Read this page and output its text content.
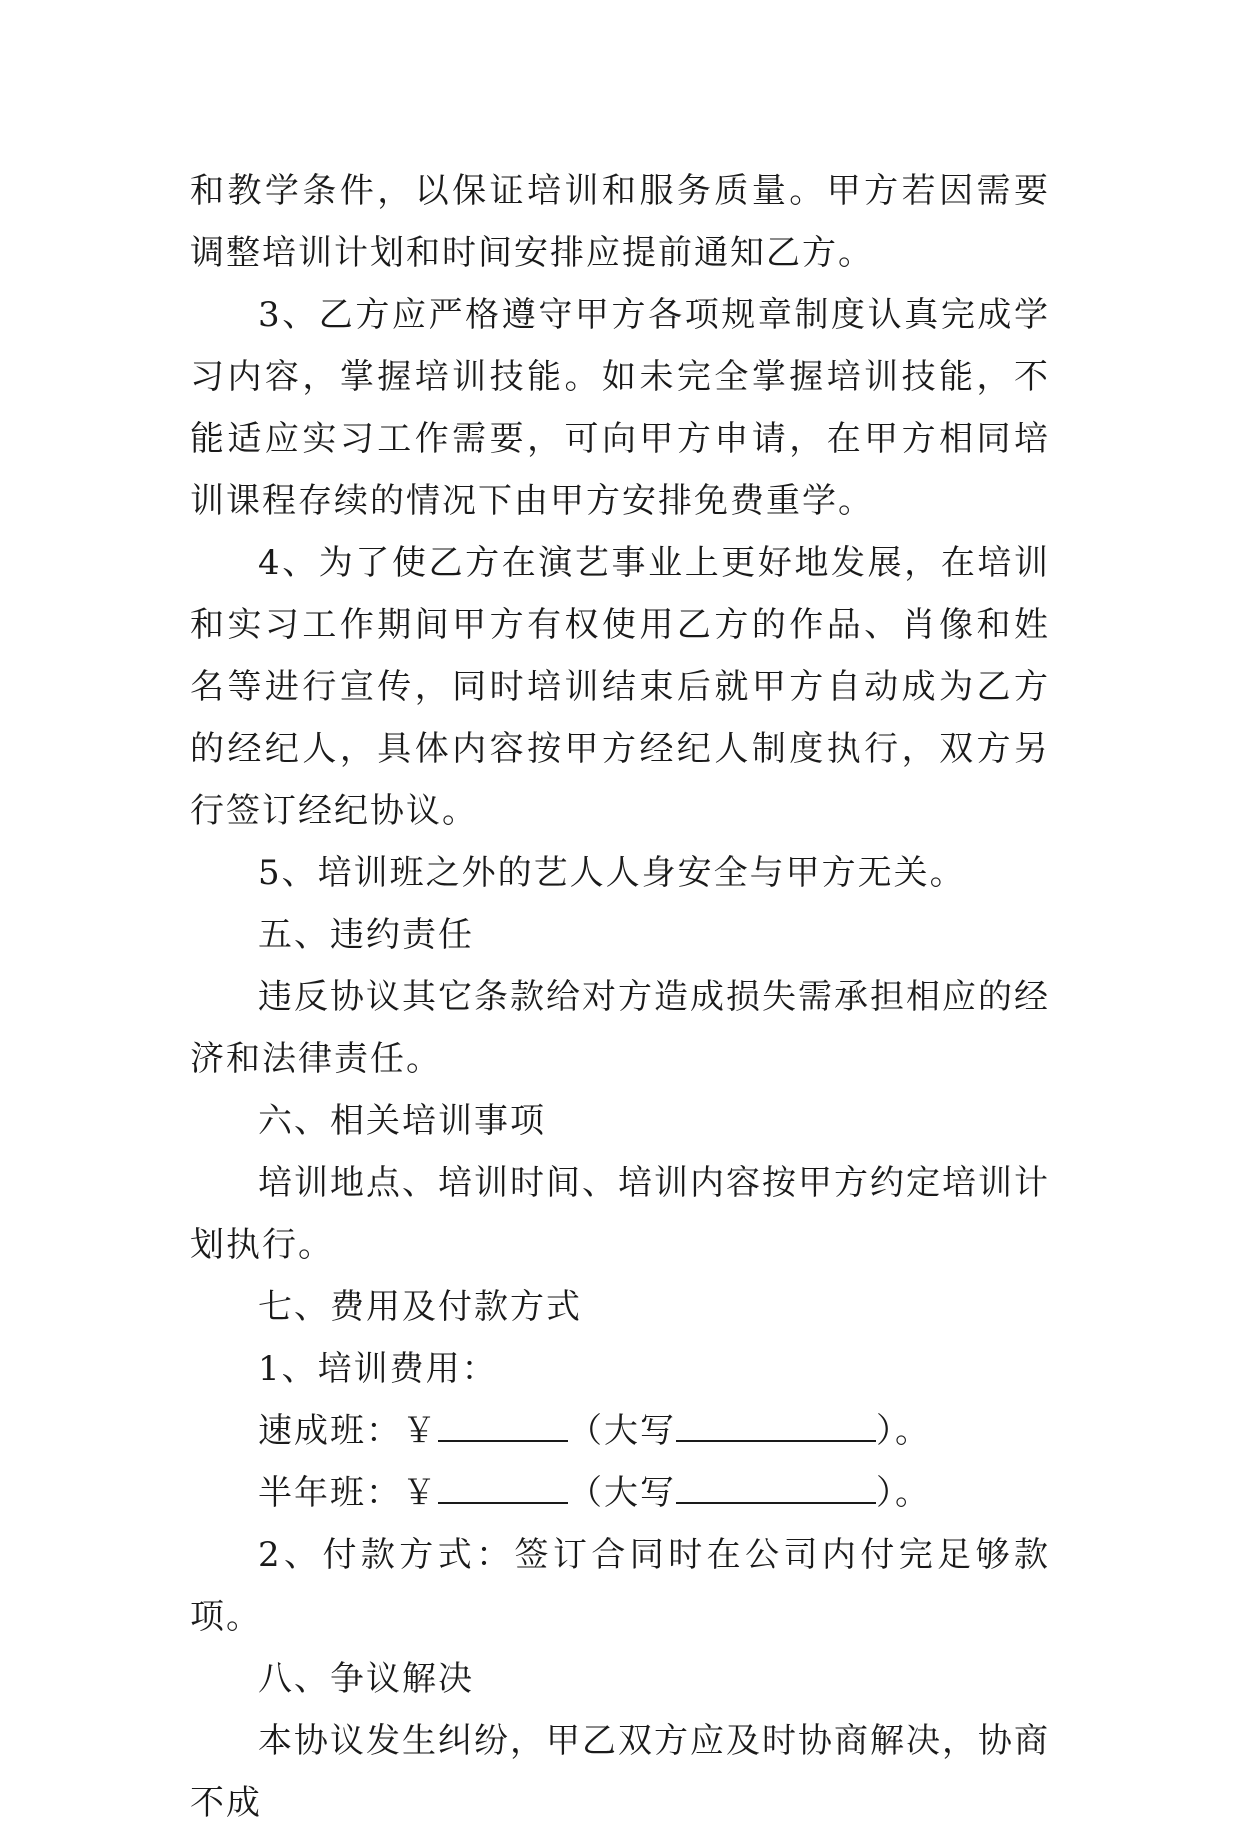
和教学条件，以保证培训和服务质量。甲方若因需要调整培训计划和时间安排应提前通知乙方。

3、乙方应严格遵守甲方各项规章制度认真完成学习内容，掌握培训技能。如未完全掌握培训技能，不能适应实习工作需要，可向甲方申请，在甲方相同培训课程存续的情况下由甲方安排免费重学。

4、为了使乙方在演艺事业上更好地发展，在培训和实习工作期间甲方有权使用乙方的作品、肖像和姓名等进行宣传，同时培训结束后就甲方自动成为乙方的经纪人，具体内容按甲方经纪人制度执行，双方另行签订经纪协议。

5、培训班之外的艺人人身安全与甲方无关。

五、违约责任

违反协议其它条款给对方造成损失需承担相应的经济和法律责任。

六、相关培训事项

培训地点、培训时间、培训内容按甲方约定培训计划执行。

七、费用及付款方式

1、培训费用：

速成班：￥	（大写	）。

半年班：￥	（大写	）。

2、付款方式：签订合同时在公司内付完足够款项。

八、争议解决

本协议发生纠纷，甲乙双方应及时协商解决，协商不成
